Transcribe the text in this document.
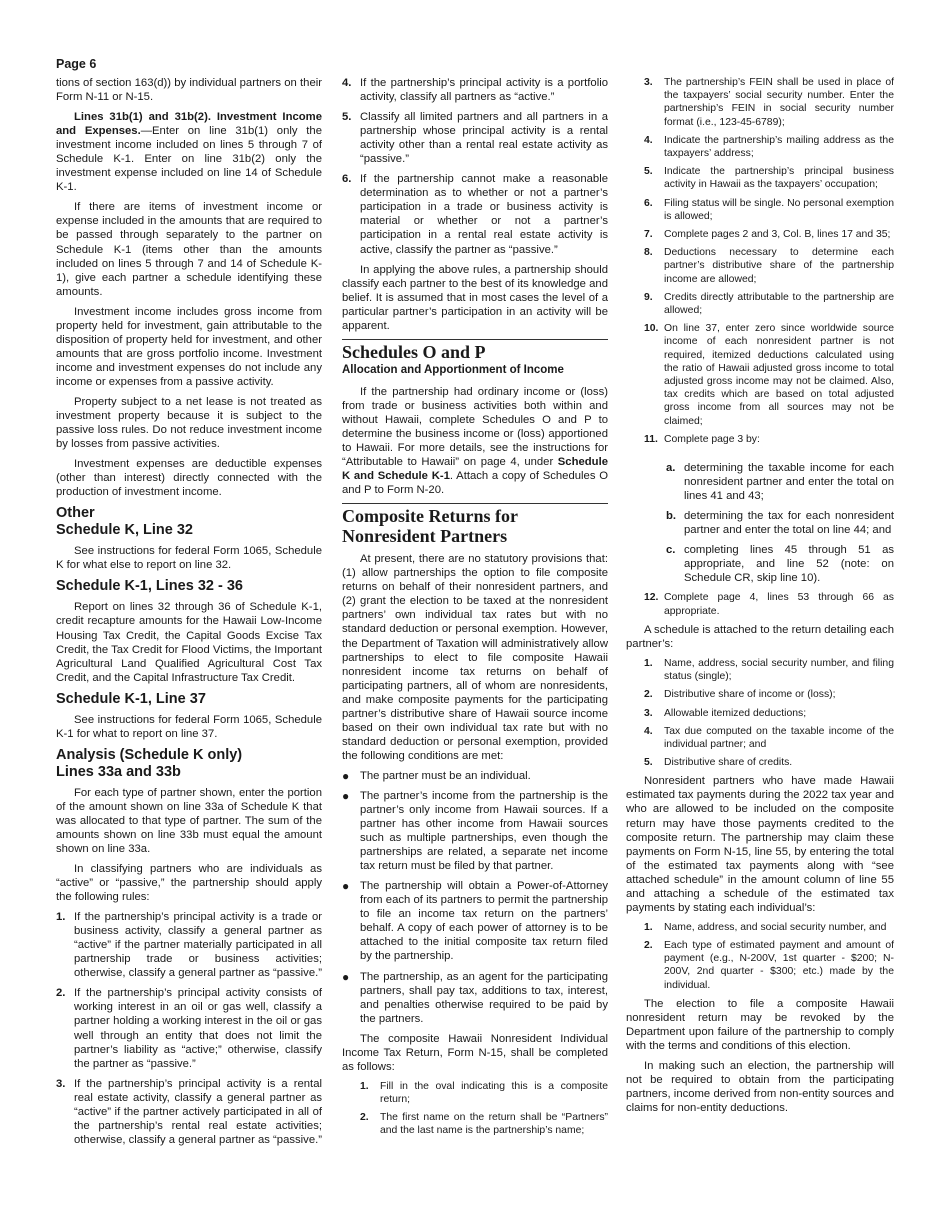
Page 6

tions of section 163(d)) by individual partners on their Form N-11 or N-15.

Lines 31b(1) and 31b(2). Investment Income and Expenses.—Enter on line 31b(1) only the investment income included on lines 5 through 7 of Schedule K-1. Enter on line 31b(2) only the investment expense included on line 14 of Schedule K-1.

If there are items of investment income or expense included in the amounts that are required to be passed through separately to the partner on Schedule K-1 (items other than the amounts included on lines 5 through 7 and 14 of Schedule K-1), give each partner a schedule identifying these amounts.

Investment income includes gross income from property held for investment, gain attributable to the disposition of property held for investment, and other amounts that are gross portfolio income. Investment income and investment expenses do not include any income or expenses from a passive activity.

Property subject to a net lease is not treated as investment property because it is subject to the passive loss rules. Do not reduce investment income by losses from passive activities.

Investment expenses are deductible expenses (other than interest) directly connected with the production of investment income.

Other
Schedule K, Line 32

See instructions for federal Form 1065, Schedule K for what else to report on line 32.

Schedule K-1, Lines 32 - 36

Report on lines 32 through 36 of Schedule K-1, credit recapture amounts for the Hawaii Low-Income Housing Tax Credit, the Capital Goods Excise Tax Credit, the Tax Credit for Flood Victims, the Important Agricultural Land Qualified Agricultural Cost Tax Credit, and the Capital Infrastructure Tax Credit.

Schedule K-1, Line 37

See instructions for federal Form 1065, Schedule K-1 for what to report on line 37.

Analysis (Schedule K only)
Lines 33a and 33b

For each type of partner shown, enter the portion of the amount shown on line 33a of Schedule K that was allocated to that type of partner. The sum of the amounts shown on line 33b must equal the amount shown on line 33a.

In classifying partners who are individuals as “active” or “passive,” the partnership should apply the following rules:

1. If the partnership’s principal activity is a trade or business activity, classify a general partner as “active” if the partner materially participated in all partnership trade or business activities; otherwise, classify a general partner as “passive.”
2. If the partnership’s principal activity consists of working interest in an oil or gas well, classify a partner holding a working interest in the oil or gas well through an entity that does not limit the partner’s liability as “active;” otherwise, classify the partner as “passive.”
3. If the partnership’s principal activity is a rental real estate activity, classify a general partner as “active” if the partner actively participated in all of the partnership’s rental real estate activities; otherwise, classify a general partner as “passive.”
4. If the partnership’s principal activity is a portfolio activity, classify all partners as “active.”
5. Classify all limited partners and all partners in a partnership whose principal activity is a rental activity other than a rental real estate activity as “passive.”
6. If the partnership cannot make a reasonable determination as to whether or not a partner’s participation in a trade or business activity is material or whether or not a partner’s participation in a rental real estate activity is active, classify the partner as “passive.”

In applying the above rules, a partnership should classify each partner to the best of its knowledge and belief. It is assumed that in most cases the level of a particular partner’s participation in an activity will be apparent.

Schedules O and P
Allocation and Apportionment of Income

If the partnership had ordinary income or (loss) from trade or business activities both within and without Hawaii, complete Schedules O and P to determine the business income or (loss) apportioned to Hawaii. For more details, see the instructions for “Attributable to Hawaii” on page 4, under Schedule K and Schedule K-1. Attach a copy of Schedules O and P to Form N-20.

Composite Returns for
Nonresident Partners

At present, there are no statutory provisions that: (1) allow partnerships the option to file composite returns on behalf of their nonresident partners, and (2) grant the election to be taxed at the nonresident partners’ own individual tax rates but with no standard deduction or personal exemption. However, the Department of Taxation will administratively allow partnerships to elect to file composite Hawaii nonresident income tax returns on behalf of participating partners, all of whom are nonresidents, and make composite payments for the participating partner’s distributive share of Hawaii source income based on their own individual tax rate but with no standard deduction or personal exemption, provided the following conditions are met:

● The partner must be an individual.
● The partner’s income from the partnership is the partner’s only income from Hawaii sources. If a partner has other income from Hawaii sources such as multiple partnerships, even though the partnerships are related, a separate net income tax return must be filed by that partner.
● The partnership will obtain a Power-of-Attorney from each of its partners to permit the partnership to file an income tax return on the partners’ behalf. A copy of each power of attorney is to be attached to the initial composite tax return filed by the partnership.
● The partnership, as an agent for the participating partners, shall pay tax, additions to tax, interest, and penalties otherwise required to be paid by the partners.

The composite Hawaii Nonresident Individual Income Tax Return, Form N-15, shall be completed as follows:

1.	Fill in the oval indicating this is a composite return;
2.	The first name on the return shall be “Partners” and the last name is the partnership’s name;
3.	The partnership’s FEIN shall be used in place of the taxpayers’ social security number. Enter the partnership’s FEIN in social security number format (i.e., 123-45-6789);
4.	Indicate the partnership’s mailing address as the taxpayers’ address;
5.	Indicate the partnership’s principal business activity in Hawaii as the taxpayers’ occupation;
6.	Filing status will be single. No personal exemption is allowed;
7.	Complete pages 2 and 3, Col. B, lines 17 and 35;
8.	Deductions necessary to determine each partner’s distributive share of the partnership income are allowed;
9.	Credits directly attributable to the partnership are allowed;
10. On line 37, enter zero since worldwide source income of each nonresident partner is not required, itemized deductions calculated using the ratio of Hawaii adjusted gross income to total adjusted gross income may not be claimed. Also, tax credits which are based on total adjusted gross income from all sources may not be claimed;
11. Complete page 3 by:
a. determining the taxable income for each nonresident partner and enter the total on lines 41 and 43;
b. determining the tax for each nonresident partner and enter the total on line 44; and
c. completing lines 45 through 51 as appropriate, and line 52 (note: on Schedule CR, skip line 10).
12. Complete page 4, lines 53 through 66 as appropriate.

A schedule is attached to the return detailing each partner’s:

1.	Name, address, social security number, and filing status (single);
2.	Distributive share of income or (loss);
3.	Allowable itemized deductions;
4.	Tax due computed on the taxable income of the individual partner; and
5.	Distributive share of credits.

Nonresident partners who have made Hawaii estimated tax payments during the 2022 tax year and who are allowed to be included on the composite return may have those payments credited to the composite return. The partnership may claim these payments on Form N-15, line 55, by entering the total of the estimated tax payments along with “see attached schedule” in the amount column of line 55 and attaching a schedule of the estimated tax payments by stating each individual’s:

1.	Name, address, and social security number, and
2.	Each type of estimated payment and amount of payment (e.g., N-200V, 1st quarter - $200; N-200V, 2nd quarter - $300; etc.) made by the individual.

The election to file a composite Hawaii nonresident return may be revoked by the Department upon failure of the partnership to comply with the terms and conditions of this election.

In making such an election, the partnership will not be required to obtain from the participating partners, income derived from non-entity sources and claims for non-entity deductions.
